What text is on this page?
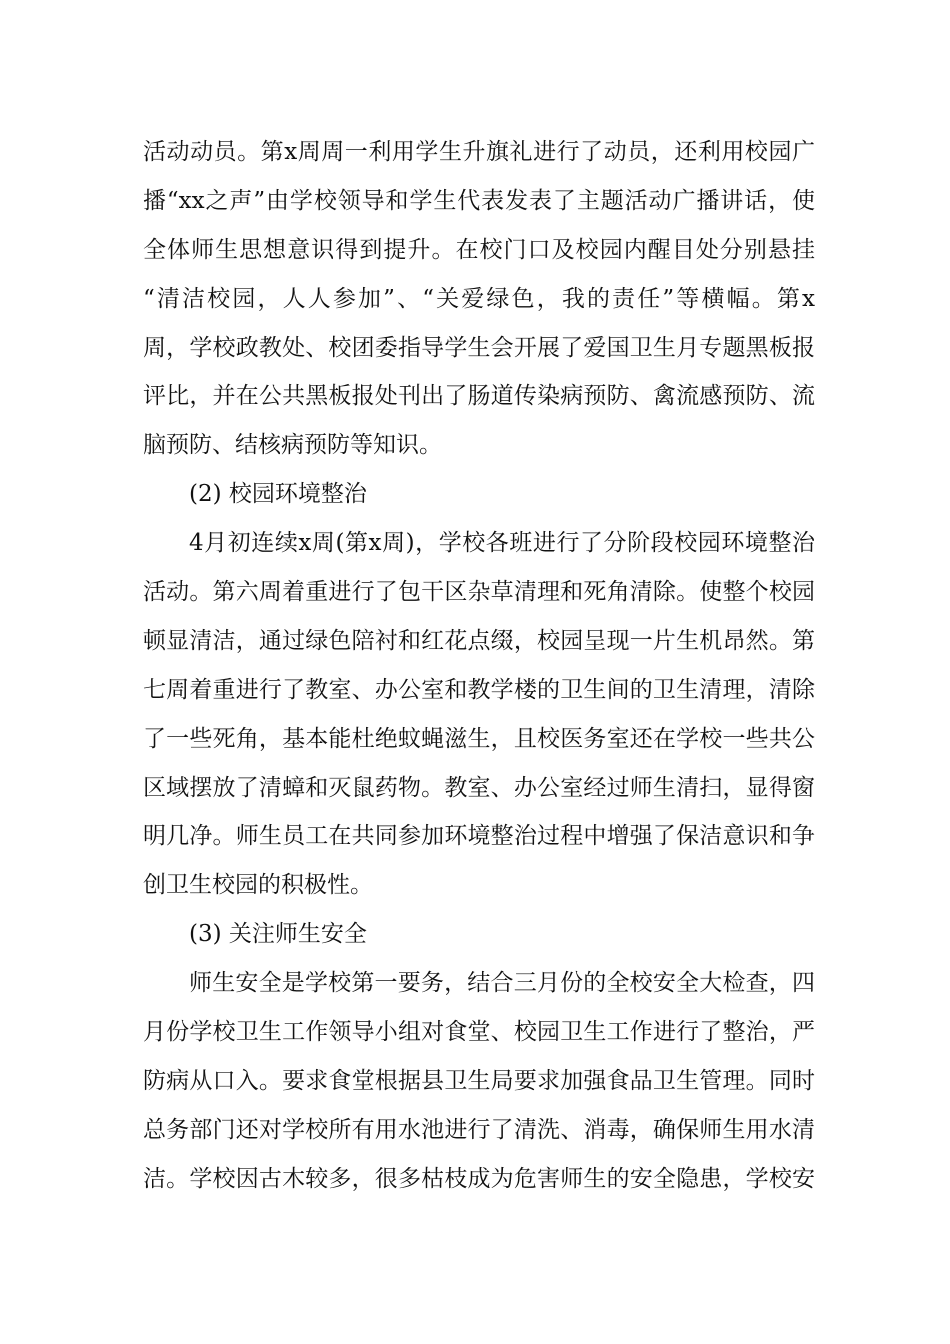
活动动员。第x周周一利用学生升旗礼进行了动员，还利用校园广
播“xx之声”由学校领导和学生代表发表了主题活动广播讲话，使
全体师生思想意识得到提升。在校门口及校园内醒目处分别悬挂
“清洁校园，人人参加”、“关爱绿色，我的责任”等横幅。第x
周，学校政教处、校团委指导学生会开展了爱国卫生月专题黑板报
评比，并在公共黑板报处刊出了肠道传染病预防、禽流感预防、流
脑预防、结核病预防等知识。
(2) 校园环境整治
4月初连续x周(第x周)，学校各班进行了分阶段校园环境整治
活动。第六周着重进行了包干区杂草清理和死角清除。使整个校园
顿显清洁，通过绿色陪衬和红花点缀，校园呈现一片生机昂然。第
七周着重进行了教室、办公室和教学楼的卫生间的卫生清理，清除
了一些死角，基本能杜绝蚊蝇滋生，且校医务室还在学校一些共公
区域摆放了清蟑和灭鼠药物。教室、办公室经过师生清扫，显得窗
明几净。师生员工在共同参加环境整治过程中增强了保洁意识和争
创卫生校园的积极性。
(3) 关注师生安全
师生安全是学校第一要务，结合三月份的全校安全大检查，四
月份学校卫生工作领导小组对食堂、校园卫生工作进行了整治，严
防病从口入。要求食堂根据县卫生局要求加强食品卫生管理。同时
总务部门还对学校所有用水池进行了清洗、消毒，确保师生用水清
洁。学校因古木较多，很多枯枝成为危害师生的安全隐患，学校安
